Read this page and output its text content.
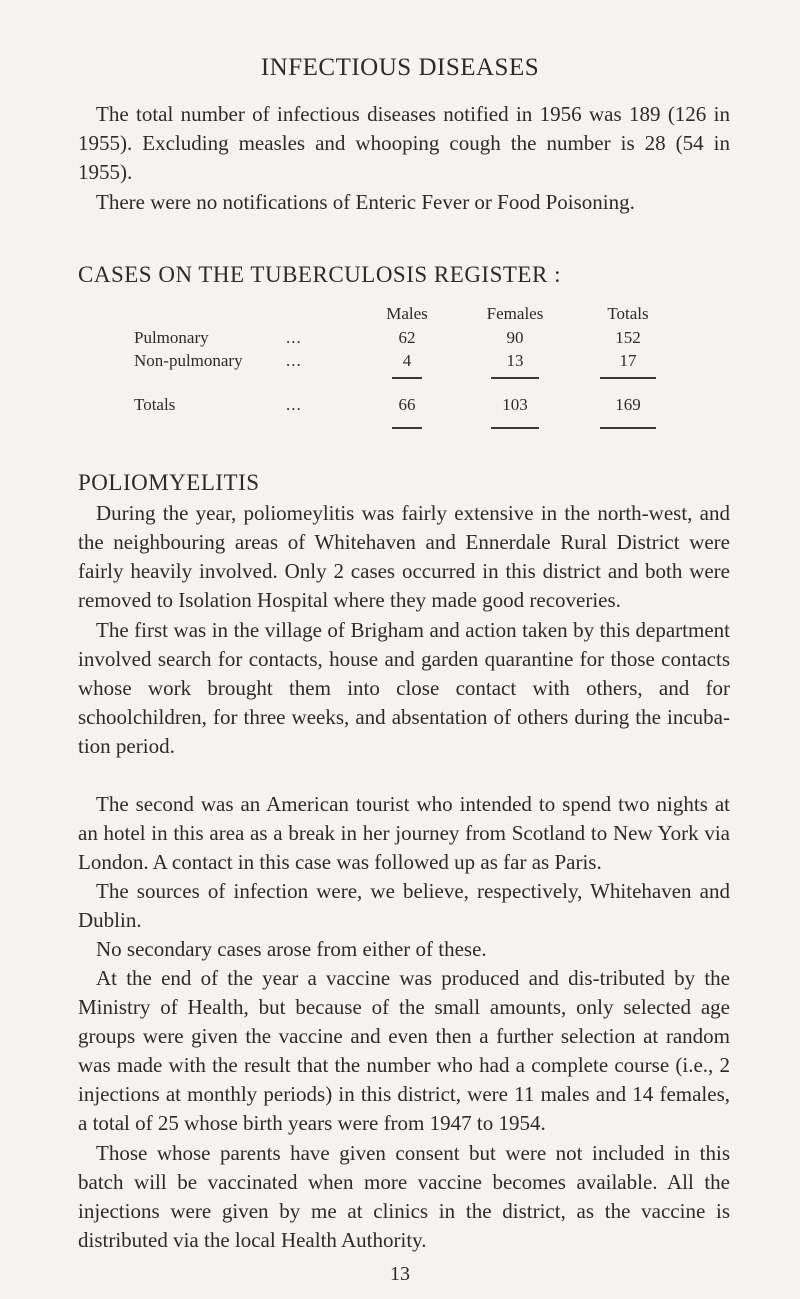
INFECTIOUS DISEASES

The total number of infectious diseases notified in 1956 was 189 (126 in 1955). Excluding measles and whooping cough the number is 28 (54 in 1955).

There were no notifications of Enteric Fever or Food Poisoning.

CASES ON THE TUBERCULOSIS REGISTER :
Males	Females	Totals
Pulmonary	...	62	90	152
Non-pulmonary	...	4	13	17
Totals	...	66	103	169
POLIOMYELITIS

During the year, poliomeylitis was fairly extensive in the north-west, and the neighbouring areas of Whitehaven and Ennerdale Rural District were fairly heavily involved. Only 2 cases occurred in this district and both were removed to Isolation Hospital where they made good recoveries.

The first was in the village of Brigham and action taken by this department involved search for contacts, house and garden quarantine for those contacts whose work brought them into close contact with others, and for schoolchildren, for three weeks, and absentation of others during the incuba-tion period.

The second was an American tourist who intended to spend two nights at an hotel in this area as a break in her journey from Scotland to New York via London. A contact in this case was followed up as far as Paris.

The sources of infection were, we believe, respectively, Whitehaven and Dublin.

No secondary cases arose from either of these.

At the end of the year a vaccine was produced and dis-tributed by the Ministry of Health, but because of the small amounts, only selected age groups were given the vaccine and even then a further selection at random was made with the result that the number who had a complete course (i.e., 2 injections at monthly periods) in this district, were 11 males and 14 females, a total of 25 whose birth years were from 1947 to 1954.

Those whose parents have given consent but were not included in this batch will be vaccinated when more vaccine becomes available. All the injections were given by me at clinics in the district, as the vaccine is distributed via the local Health Authority.

13
